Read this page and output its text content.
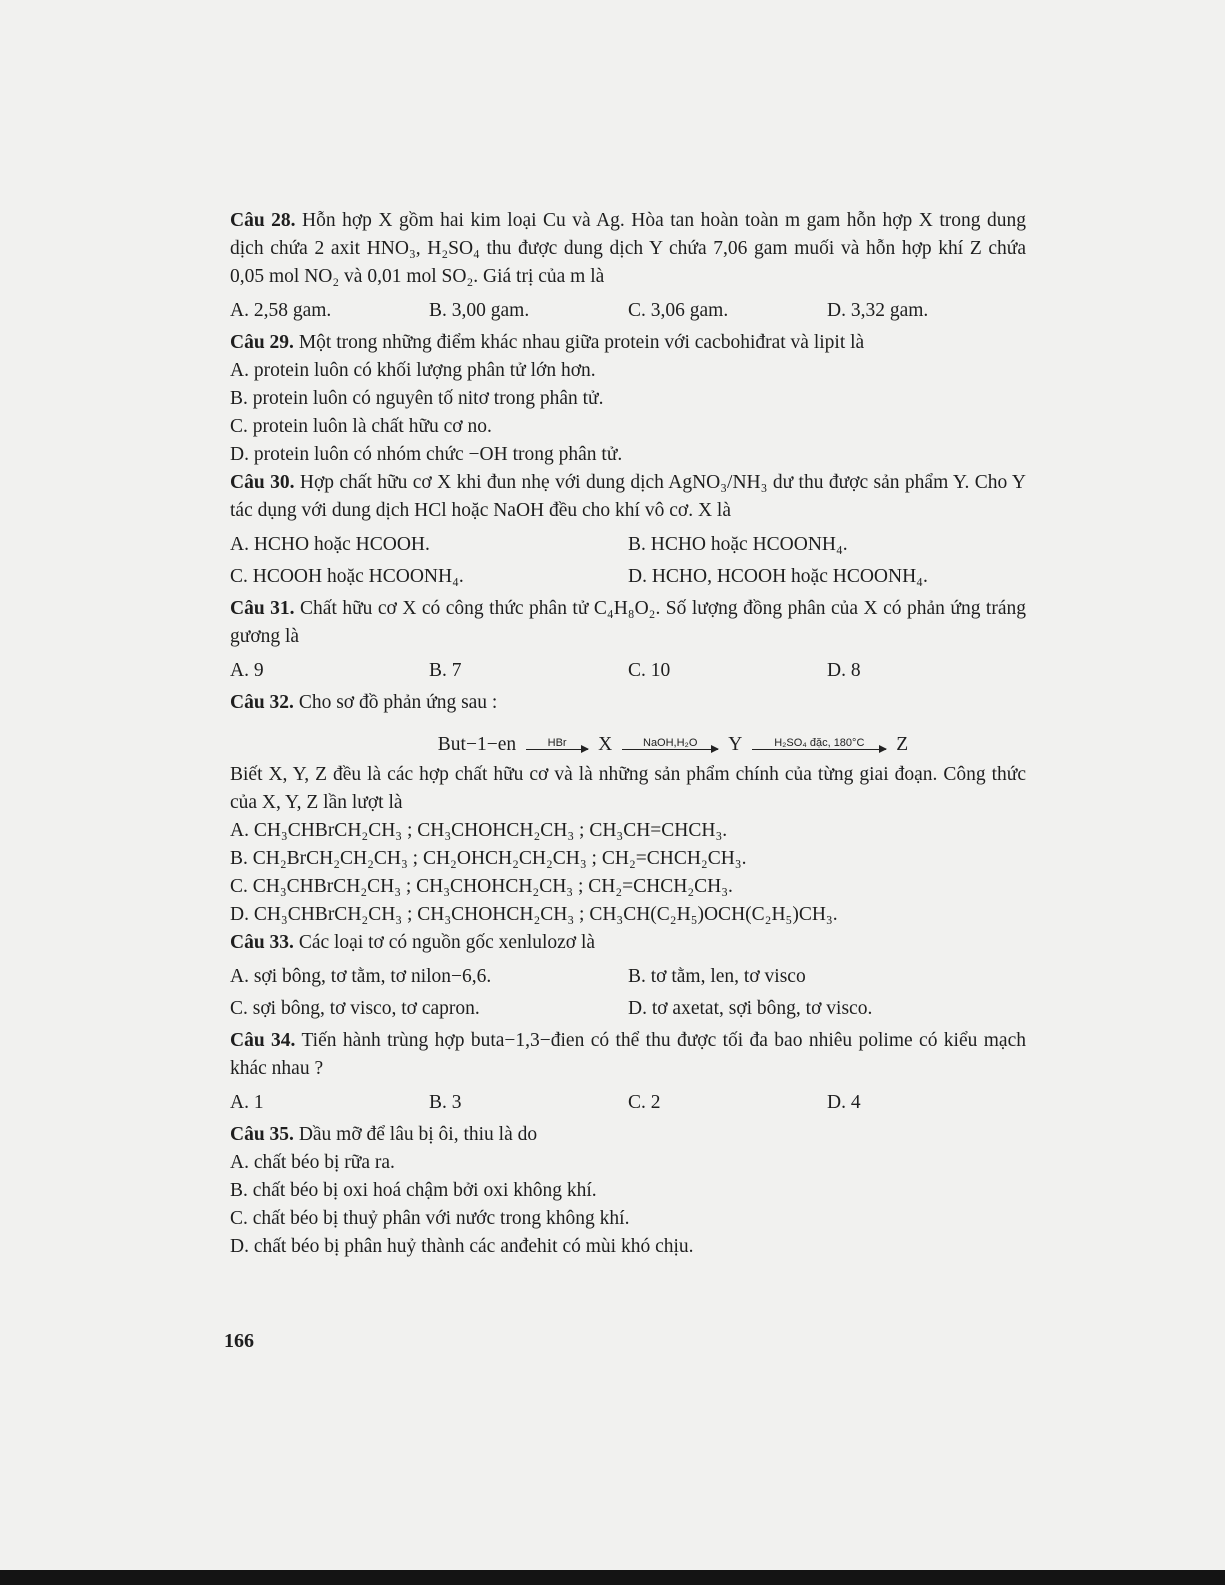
Câu 28. Hỗn hợp X gồm hai kim loại Cu và Ag. Hòa tan hoàn toàn m gam hỗn hợp X trong dung dịch chứa 2 axit HNO₃, H₂SO₄ thu được dung dịch Y chứa 7,06 gam muối và hỗn hợp khí Z chứa 0,05 mol NO₂ và 0,01 mol SO₂. Giá trị của m là

A. 2,58 gam.	B. 3,00 gam.	C. 3,06 gam.	D. 3,32 gam.

Câu 29. Một trong những điểm khác nhau giữa protein với cacbohiđrat và lipit là

A. protein luôn có khối lượng phân tử lớn hơn.

B. protein luôn có nguyên tố nitơ trong phân tử.

C. protein luôn là chất hữu cơ no.

D. protein luôn có nhóm chức −OH trong phân tử.

Câu 30. Hợp chất hữu cơ X khi đun nhẹ với dung dịch AgNO₃/NH₃ dư thu được sản phẩm Y. Cho Y tác dụng với dung dịch HCl hoặc NaOH đều cho khí vô cơ. X là

A. HCHO hoặc HCOOH.	B. HCHO hoặc HCOONH₄.
C. HCOOH hoặc HCOONH₄.	D. HCHO, HCOOH hoặc HCOONH₄.

Câu 31. Chất hữu cơ X có công thức phân tử C₄H₈O₂. Số lượng đồng phân của X có phản ứng tráng gương là

A. 9	B. 7	C. 10	D. 8

Câu 32. Cho sơ đồ phản ứng sau :

But−1−en	HBr	X	NaOH,H₂O	Y	H₂SO₄ đặc, 180°C	Z

Biết X, Y, Z đều là các hợp chất hữu cơ và là những sản phẩm chính của từng giai đoạn. Công thức của X, Y, Z lần lượt là

A. CH₃CHBrCH₂CH₃ ; CH₃CHOHCH₂CH₃ ; CH₃CH=CHCH₃.

B. CH₂BrCH₂CH₂CH₃ ; CH₂OHCH₂CH₂CH₃ ; CH₂=CHCH₂CH₃.

C. CH₃CHBrCH₂CH₃ ; CH₃CHOHCH₂CH₃ ; CH₂=CHCH₂CH₃.

D. CH₃CHBrCH₂CH₃ ; CH₃CHOHCH₂CH₃ ; CH₃CH(C₂H₅)OCH(C₂H₅)CH₃.

Câu 33. Các loại tơ có nguồn gốc xenlulozơ là

A. sợi bông, tơ tằm, tơ nilon−6,6.	B. tơ tằm, len, tơ visco
C. sợi bông, tơ visco, tơ capron.	D. tơ axetat, sợi bông, tơ visco.

Câu 34. Tiến hành trùng hợp buta−1,3−đien có thể thu được tối đa bao nhiêu polime có kiểu mạch khác nhau ?

A. 1	B. 3	C. 2	D. 4

Câu 35. Dầu mỡ để lâu bị ôi, thiu là do

A. chất béo bị rữa ra.

B. chất béo bị oxi hoá chậm bởi oxi không khí.

C. chất béo bị thuỷ phân với nước trong không khí.

D. chất béo bị phân huỷ thành các anđehit có mùi khó chịu.

166
